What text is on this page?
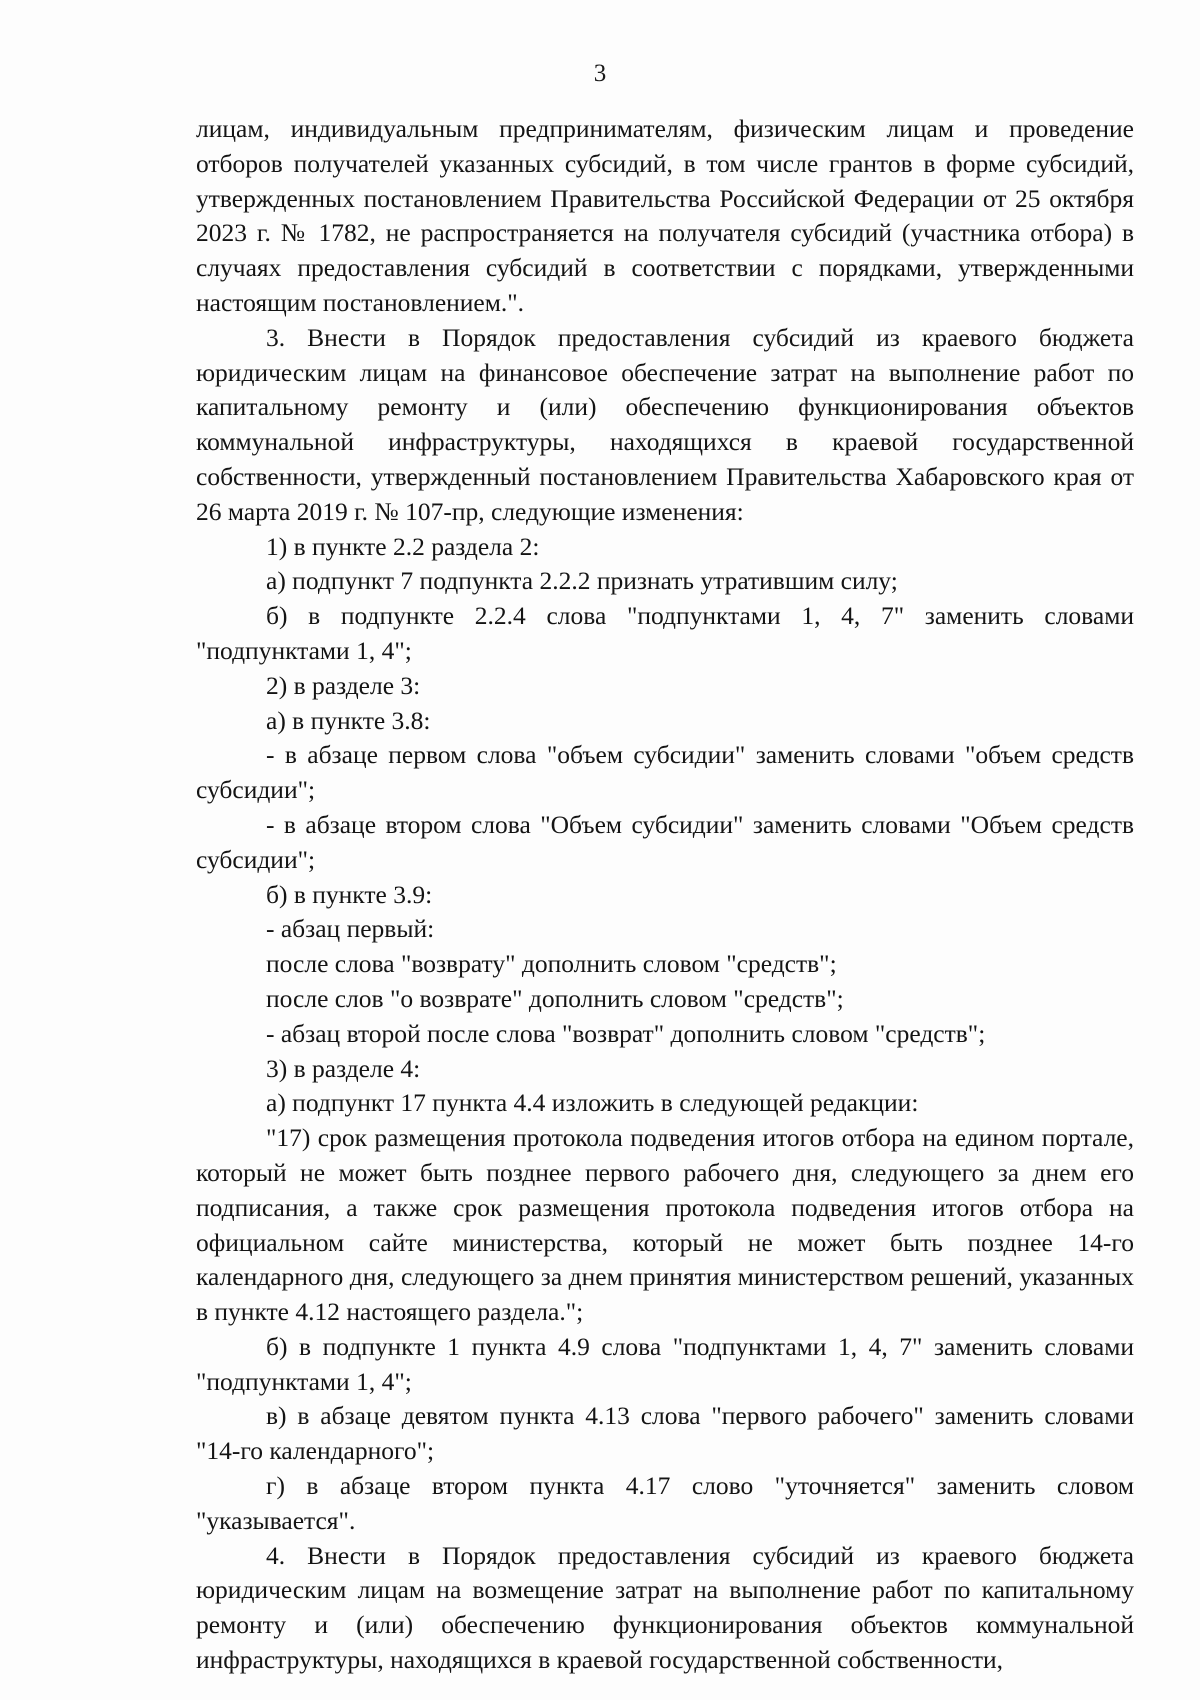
3

лицам, индивидуальным предпринимателям, физическим лицам и проведение отборов получателей указанных субсидий, в том числе грантов в форме субсидий, утвержденных постановлением Правительства Российской Федерации от 25 октября 2023 г. № 1782, не распространяется на получателя субсидий (участника отбора) в случаях предоставления субсидий в соответствии с порядками, утвержденными настоящим постановлением.".

3. Внести в Порядок предоставления субсидий из краевого бюджета юридическим лицам на финансовое обеспечение затрат на выполнение работ по капитальному ремонту и (или) обеспечению функционирования объектов коммунальной инфраструктуры, находящихся в краевой государственной собственности, утвержденный постановлением Правительства Хабаровского края от 26 марта 2019 г. № 107-пр, следующие изменения:

1) в пункте 2.2 раздела 2:

а) подпункт 7 подпункта 2.2.2 признать утратившим силу;

б) в подпункте 2.2.4 слова "подпунктами 1, 4, 7" заменить словами "подпунктами 1, 4";

2) в разделе 3:

а) в пункте 3.8:

- в абзаце первом слова "объем субсидии" заменить словами "объем средств субсидии";

- в абзаце втором слова "Объем субсидии" заменить словами "Объем средств субсидии";

б) в пункте 3.9:

- абзац первый:

после слова "возврату" дополнить словом "средств";

после слов "о возврате" дополнить словом "средств";

- абзац второй после слова "возврат" дополнить словом "средств";

3) в разделе 4:

а) подпункт 17 пункта 4.4 изложить в следующей редакции:

"17) срок размещения протокола подведения итогов отбора на едином портале, который не может быть позднее первого рабочего дня, следующего за днем его подписания, а также срок размещения протокола подведения итогов отбора на официальном сайте министерства, который не может быть позднее 14-го календарного дня, следующего за днем принятия министерством решений, указанных в пункте 4.12 настоящего раздела.";

б) в подпункте 1 пункта 4.9 слова "подпунктами 1, 4, 7" заменить словами "подпунктами 1, 4";

в) в абзаце девятом пункта 4.13 слова "первого рабочего" заменить словами "14-го календарного";

г) в абзаце втором пункта 4.17 слово "уточняется" заменить словом "указывается".

4. Внести в Порядок предоставления субсидий из краевого бюджета юридическим лицам на возмещение затрат на выполнение работ по капитальному ремонту и (или) обеспечению функционирования объектов коммунальной инфраструктуры, находящихся в краевой государственной собственности,
